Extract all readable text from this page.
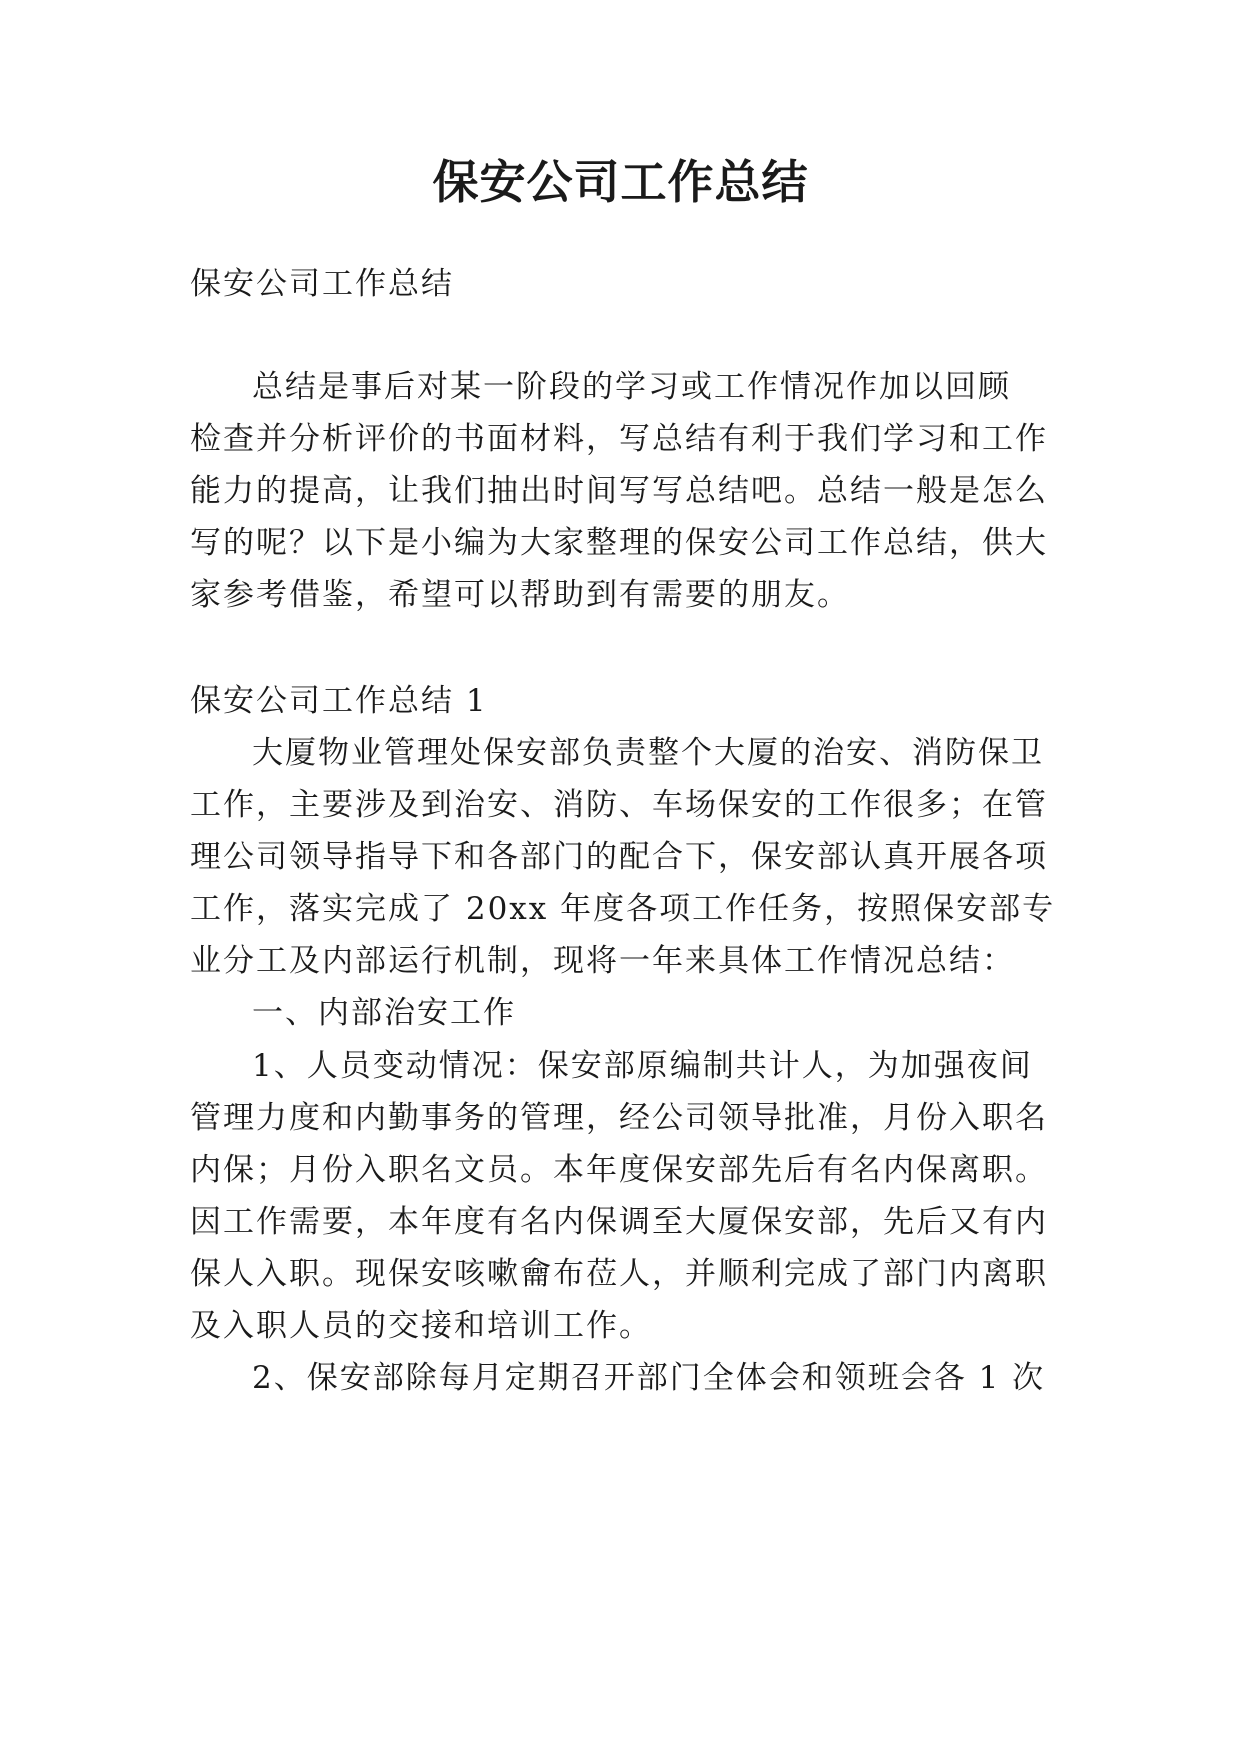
保安公司工作总结

保安公司工作总结

总结是事后对某一阶段的学习或工作情况作加以回顾

检查并分析评价的书面材料，写总结有利于我们学习和工作

能力的提高，让我们抽出时间写写总结吧。总结一般是怎么

写的呢？以下是小编为大家整理的保安公司工作总结，供大

家参考借鉴，希望可以帮助到有需要的朋友。

保安公司工作总结 1

大厦物业管理处保安部负责整个大厦的治安、消防保卫

工作，主要涉及到治安、消防、车场保安的工作很多；在管

理公司领导指导下和各部门的配合下，保安部认真开展各项

工作，落实完成了 20xx 年度各项工作任务，按照保安部专

业分工及内部运行机制，现将一年来具体工作情况总结：

一、内部治安工作

1、人员变动情况：保安部原编制共计人，为加强夜间

管理力度和内勤事务的管理，经公司领导批准，月份入职名

内保；月份入职名文员。本年度保安部先后有名内保离职。

因工作需要，本年度有名内保调至大厦保安部，先后又有内

保人入职。现保安咳嗽龠布莅人，并顺利完成了部门内离职

及入职人员的交接和培训工作。

2、保安部除每月定期召开部门全体会和领班会各 1 次
